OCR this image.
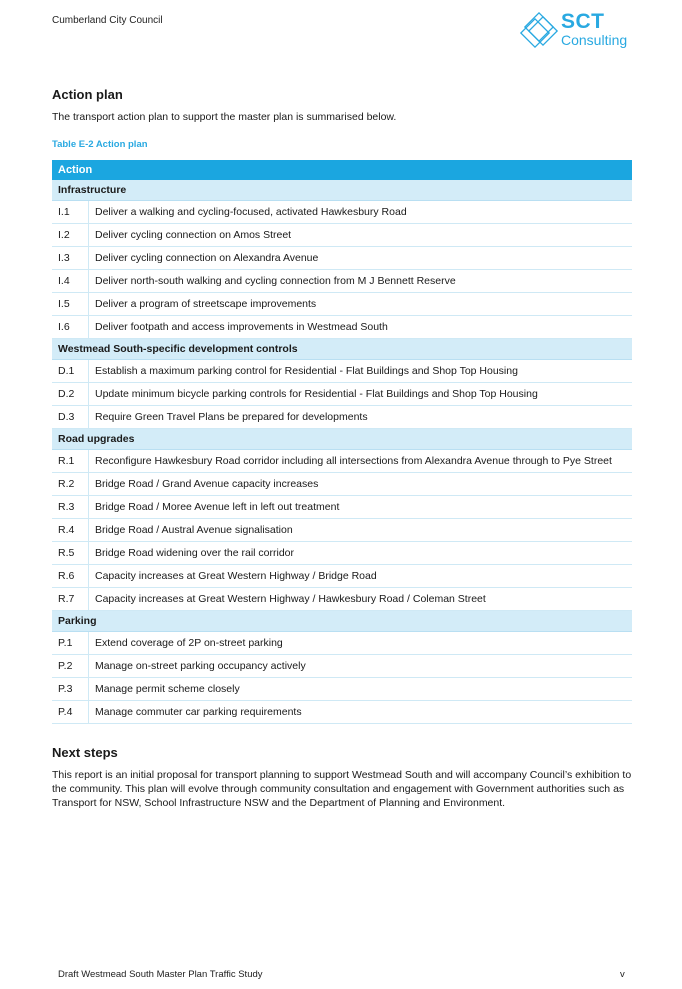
Cumberland City Council	SCT
Consulting
Action plan
The transport action plan to support the master plan is summarised below.
Table E-2 Action plan
Action	
Infrastructure	
I.1	Deliver a walking and cycling-focused, activated Hawkesbury Road
I.2	Deliver cycling connection on Amos Street
I.3	Deliver cycling connection on Alexandra Avenue
I.4	Deliver north-south walking and cycling connection from M J Bennett Reserve
I.5	Deliver a program of streetscape improvements
I.6	Deliver footpath and access improvements in Westmead South
Westmead South-specific development controls	
D.1	Establish a maximum parking control for Residential - Flat Buildings and Shop Top Housing
D.2	Update minimum bicycle parking controls for Residential - Flat Buildings and Shop Top Housing
D.3	Require Green Travel Plans be prepared for developments
Road upgrades	
R.1	Reconfigure Hawkesbury Road corridor including all intersections from Alexandra Avenue through to Pye Street
R.2	Bridge Road / Grand Avenue capacity increases
R.3	Bridge Road / Moree Avenue left in left out treatment
R.4	Bridge Road / Austral Avenue signalisation
R.5	Bridge Road widening over the rail corridor
R.6	Capacity increases at Great Western Highway / Bridge Road
R.7	Capacity increases at Great Western Highway / Hawkesbury Road / Coleman Street
Parking	
P.1	Extend coverage of 2P on-street parking
P.2	Manage on-street parking occupancy actively
P.3	Manage permit scheme closely
P.4	Manage commuter car parking requirements
Next steps
This report is an initial proposal for transport planning to support Westmead South and will accompany Council’s exhibition to the community. This plan will evolve through community consultation and engagement with Government authorities such as Transport for NSW, School Infrastructure NSW and the Department of Planning and Environment.
Draft Westmead South Master Plan Traffic Study	v
